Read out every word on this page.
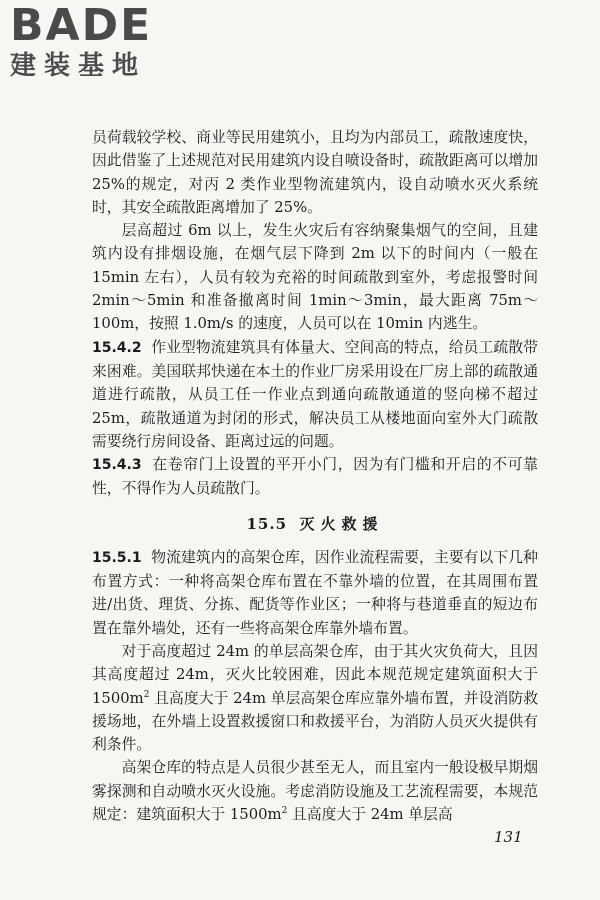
BADE
建装基地

员荷载较学校、商业等民用建筑小，且均为内部员工，疏散速度快，因此借鉴了上述规范对民用建筑内设自喷设备时，疏散距离可以增加 25%的规定，对丙 2 类作业型物流建筑内，设自动喷水灭火系统时，其安全疏散距离增加了 25%。

层高超过 6m 以上，发生火灾后有容纳聚集烟气的空间，且建筑内设有排烟设施，在烟气层下降到 2m 以下的时间内（一般在 15min 左右），人员有较为充裕的时间疏散到室外，考虑报警时间 2min～5min 和准备撤离时间 1min～3min，最大距离 75m～100m，按照 1.0m/s 的速度，人员可以在 10min 内逃生。

15.4.2 作业型物流建筑具有体量大、空间高的特点，给员工疏散带来困难。美国联邦快递在本土的作业厂房采用设在厂房上部的疏散通道进行疏散，从员工任一作业点到通向疏散通道的竖向梯不超过 25m，疏散通道为封闭的形式，解决员工从楼地面向室外大门疏散需要绕行房间设备、距离过远的问题。

15.4.3 在卷帘门上设置的平开小门，因为有门槛和开启的不可靠性，不得作为人员疏散门。

15.5 灭火救援

15.5.1 物流建筑内的高架仓库，因作业流程需要，主要有以下几种布置方式：一种将高架仓库布置在不靠外墙的位置，在其周围布置进/出货、理货、分拣、配货等作业区；一种将与巷道垂直的短边布置在靠外墙处，还有一些将高架仓库靠外墙布置。

对于高度超过 24m 的单层高架仓库，由于其火灾负荷大，且因其高度超过 24m，灭火比较困难，因此本规范规定建筑面积大于 $1500m^2$ 且高度大于 24m 单层高架仓库应靠外墙布置，并设消防救援场地，在外墙上设置救援窗口和救援平台，为消防人员灭火提供有利条件。

高架仓库的特点是人员很少甚至无人，而且室内一般设极早期烟雾探测和自动喷水灭火设施。考虑消防设施及工艺流程需要，本规范规定：建筑面积大于 $1500m^2$ 且高度大于 24m 单层高

131
